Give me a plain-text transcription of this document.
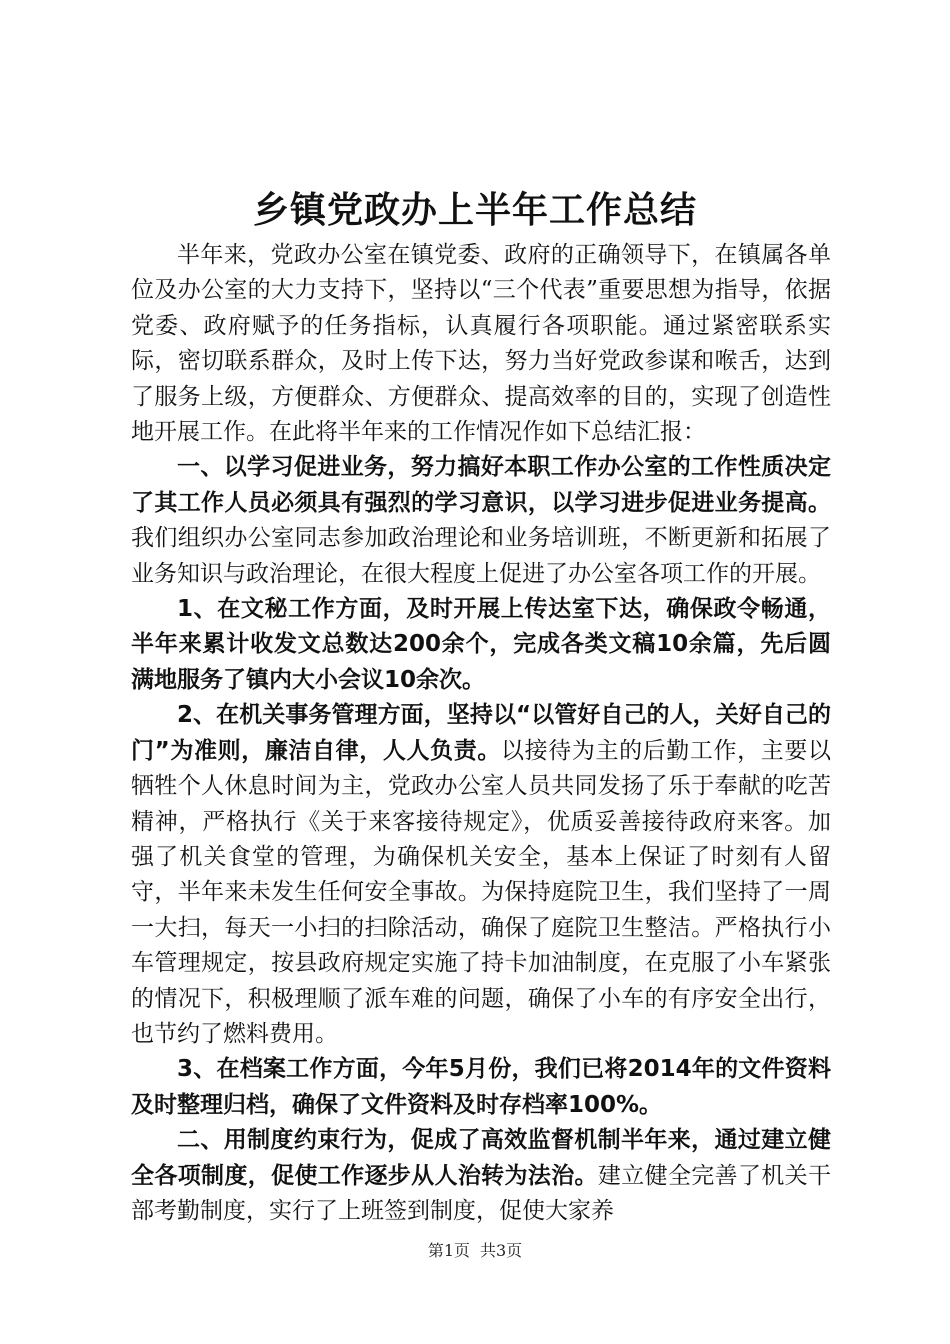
乡镇党政办上半年工作总结

半年来，党政办公室在镇党委、政府的正确领导下，在镇属各单位及办公室的大力支持下，坚持以“三个代表”重要思想为指导，依据党委、政府赋予的任务指标，认真履行各项职能。通过紧密联系实际，密切联系群众，及时上传下达，努力当好党政参谋和喉舌，达到了服务上级，方便群众、方便群众、提高效率的目的，实现了创造性地开展工作。在此将半年来的工作情况作如下总结汇报：

一、以学习促进业务，努力搞好本职工作办公室的工作性质决定了其工作人员必须具有强烈的学习意识，以学习进步促进业务提高。我们组织办公室同志参加政治理论和业务培训班，不断更新和拓展了业务知识与政治理论，在很大程度上促进了办公室各项工作的开展。

1、在文秘工作方面，及时开展上传达室下达，确保政令畅通，半年来累计收发文总数达200余个，完成各类文稿10余篇，先后圆满地服务了镇内大小会议10余次。

2、在机关事务管理方面，坚持以“以管好自己的人，关好自己的门”为准则，廉洁自律，人人负责。以接待为主的后勤工作，主要以牺牲个人休息时间为主，党政办公室人员共同发扬了乐于奉献的吃苦精神，严格执行《关于来客接待规定》，优质妥善接待政府来客。加强了机关食堂的管理，为确保机关安全，基本上保证了时刻有人留守，半年来未发生任何安全事故。为保持庭院卫生，我们坚持了一周一大扫，每天一小扫的扫除活动，确保了庭院卫生整洁。严格执行小车管理规定，按县政府规定实施了持卡加油制度，在克服了小车紧张的情况下，积极理顺了派车难的问题，确保了小车的有序安全出行，也节约了燃料费用。

3、在档案工作方面，今年5月份，我们已将2014年的文件资料及时整理归档，确保了文件资料及时存档率100%。

二、用制度约束行为，促成了高效监督机制半年来，通过建立健全各项制度，促使工作逐步从人治转为法治。建立健全完善了机关干部考勤制度，实行了上班签到制度，促使大家养

第1页 共3页
